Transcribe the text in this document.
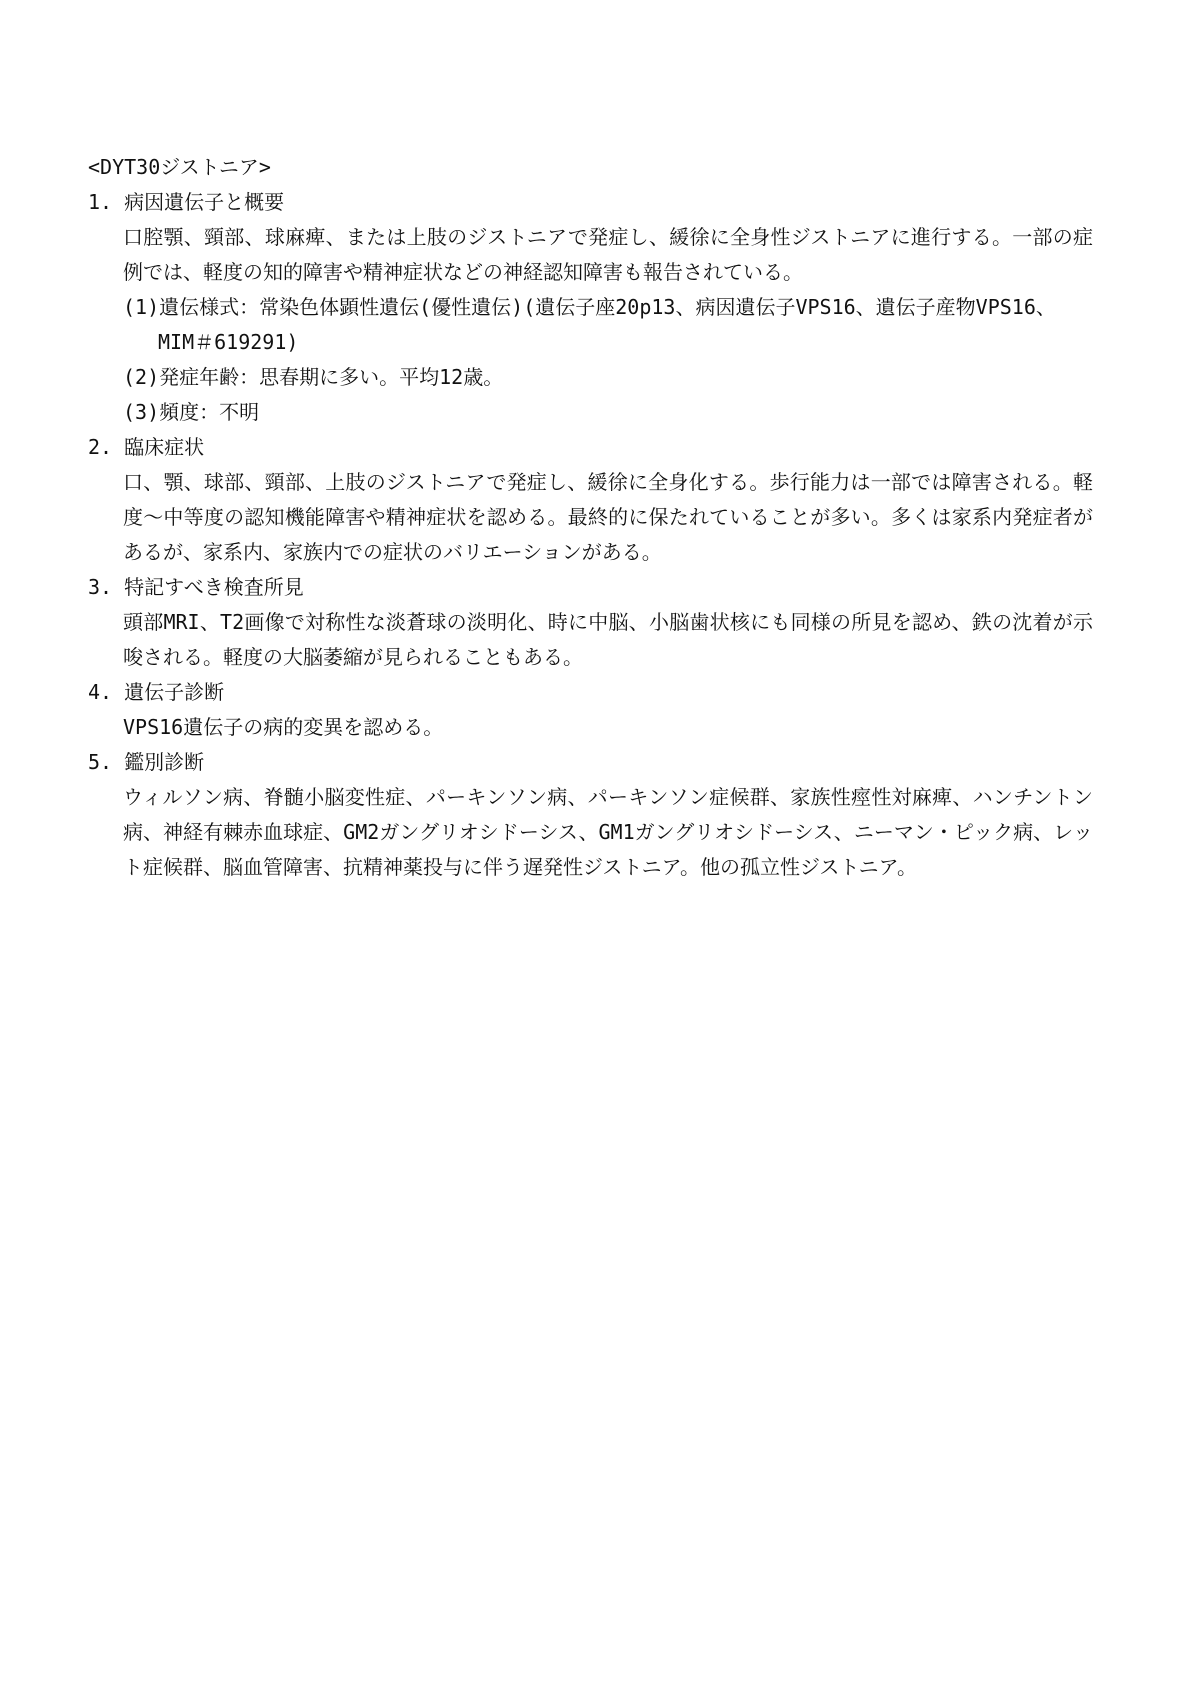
<DYT30ジストニア>
1. 病因遺伝子と概要

口腔顎、頸部、球麻痺、または上肢のジストニアで発症し、緩徐に全身性ジストニアに進行する。一部の症例では、軽度の知的障害や精神症状などの神経認知障害も報告されている。

(1)遺伝様式：常染色体顕性遺伝(優性遺伝)(遺伝子座20p13、病因遺伝子VPS16、遺伝子産物VPS16、
MIM＃619291)
(2)発症年齢：思春期に多い。平均12歳。
(3)頻度：不明
2. 臨床症状

口、顎、球部、頸部、上肢のジストニアで発症し、緩徐に全身化する。歩行能力は一部では障害される。軽度～中等度の認知機能障害や精神症状を認める。最終的に保たれていることが多い。多くは家系内発症者があるが、家系内、家族内での症状のバリエーションがある。

3. 特記すべき検査所見

頭部MRI、T2画像で対称性な淡蒼球の淡明化、時に中脳、小脳歯状核にも同様の所見を認め、鉄の沈着が示唆される。軽度の大脳萎縮が見られることもある。

4. 遺伝子診断

VPS16遺伝子の病的変異を認める。

5. 鑑別診断

ウィルソン病、脊髄小脳変性症、パーキンソン病、パーキンソン症候群、家族性痙性対麻痺、ハンチントン病、神経有棘赤血球症、GM2ガングリオシドーシス、GM1ガングリオシドーシス、ニーマン・ピック病、レット症候群、脳血管障害、抗精神薬投与に伴う遅発性ジストニア。他の孤立性ジストニア。
